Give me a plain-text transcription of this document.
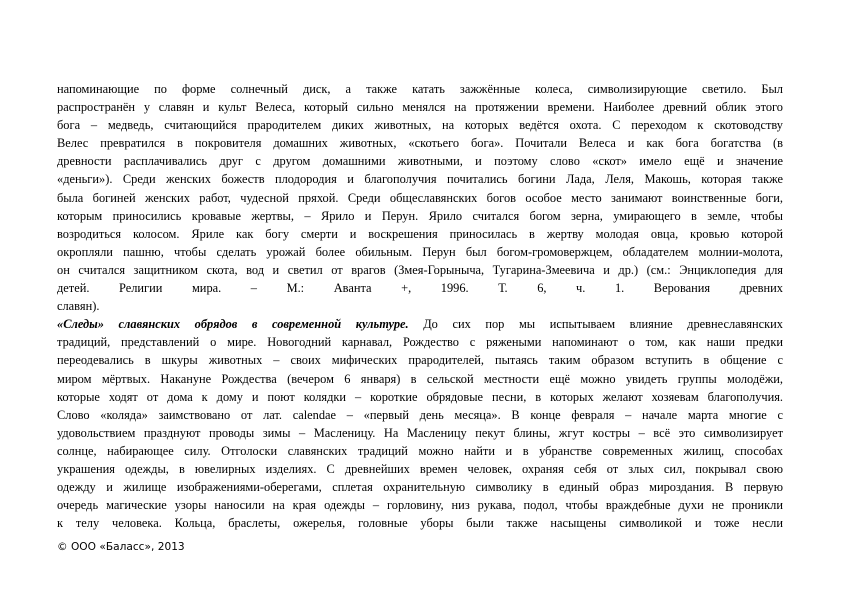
напоминающие по форме солнечный диск, а также катать зажжённые колеса, символизирующие светило. Был
распространён у славян и культ Велеса, который сильно менялся на протяжении времени. Наиболее древний облик этого
бога – медведь, считающийся прародителем диких животных, на которых ведётся охота. С переходом к скотоводству
Велес превратился в покровителя домашних животных, «скотьего бога». Почитали Велеса и как бога богатства (в
древности расплачивались друг с другом домашними животными, и поэтому слово «скот» имело ещё и значение
«деньги»). Среди женских божеств плодородия и благополучия почитались богини Лада, Леля, Макошь, которая также
была богиней женских работ, чудесной пряхой. Среди общеславянских богов особое место занимают воинственные боги,
которым приносились кровавые жертвы, – Ярило и Перун. Ярило считался богом зерна, умирающего в земле, чтобы
возродиться колосом. Яриле как богу смерти и воскрешения приносилась в жертву молодая овца, кровью которой
окропляли пашню, чтобы сделать урожай более обильным. Перун был богом-громовержцем, обладателем молнии-молота,
он считался защитником скота, вод и светил от врагов (Змея-Горыныча, Тугарина-Змеевича и др.) (см.: Энциклопедия для
детей. Религии мира. – М.: Аванта +, 1996. Т. 6, ч. 1. Верования древних
славян).
«Следы» славянских обрядов в современной культуре. До сих пор мы испытываем влияние древнеславянских
традиций, представлений о мире. Новогодний карнавал, Рождество с ряжеными напоминают о том, как наши предки
переодевались в шкуры животных – своих мифических прародителей, пытаясь таким образом вступить в общение с
миром мёртвых. Накануне Рождества (вечером 6 января) в сельской местности ещё можно увидеть группы молодёжи,
которые ходят от дома к дому и поют колядки – короткие обрядовые песни, в которых желают хозяевам благополучия.
Слово «коляда» заимствовано от лат. calendae – «первый день месяца». В конце февраля – начале марта многие с
удовольствием празднуют проводы зимы – Масленицу. На Масленицу пекут блины, жгут костры – всё это символизирует
солнце, набирающее силу. Отголоски славянских традиций можно найти и в убранстве современных жилищ, способах
украшения одежды, в ювелирных изделиях. С древнейших времен человек, охраняя себя от злых сил, покрывал свою
одежду и жилище изображениями-оберегами, сплетая охранительную символику в единый образ мироздания. В первую
очередь магические узоры наносили на края одежды – горловину, низ рукава, подол, чтобы враждебные духи не проникли
к телу человека. Кольца, браслеты, ожерелья, головные уборы были также насыщены символикой и тоже несли
© ООО «Баласс», 2013
